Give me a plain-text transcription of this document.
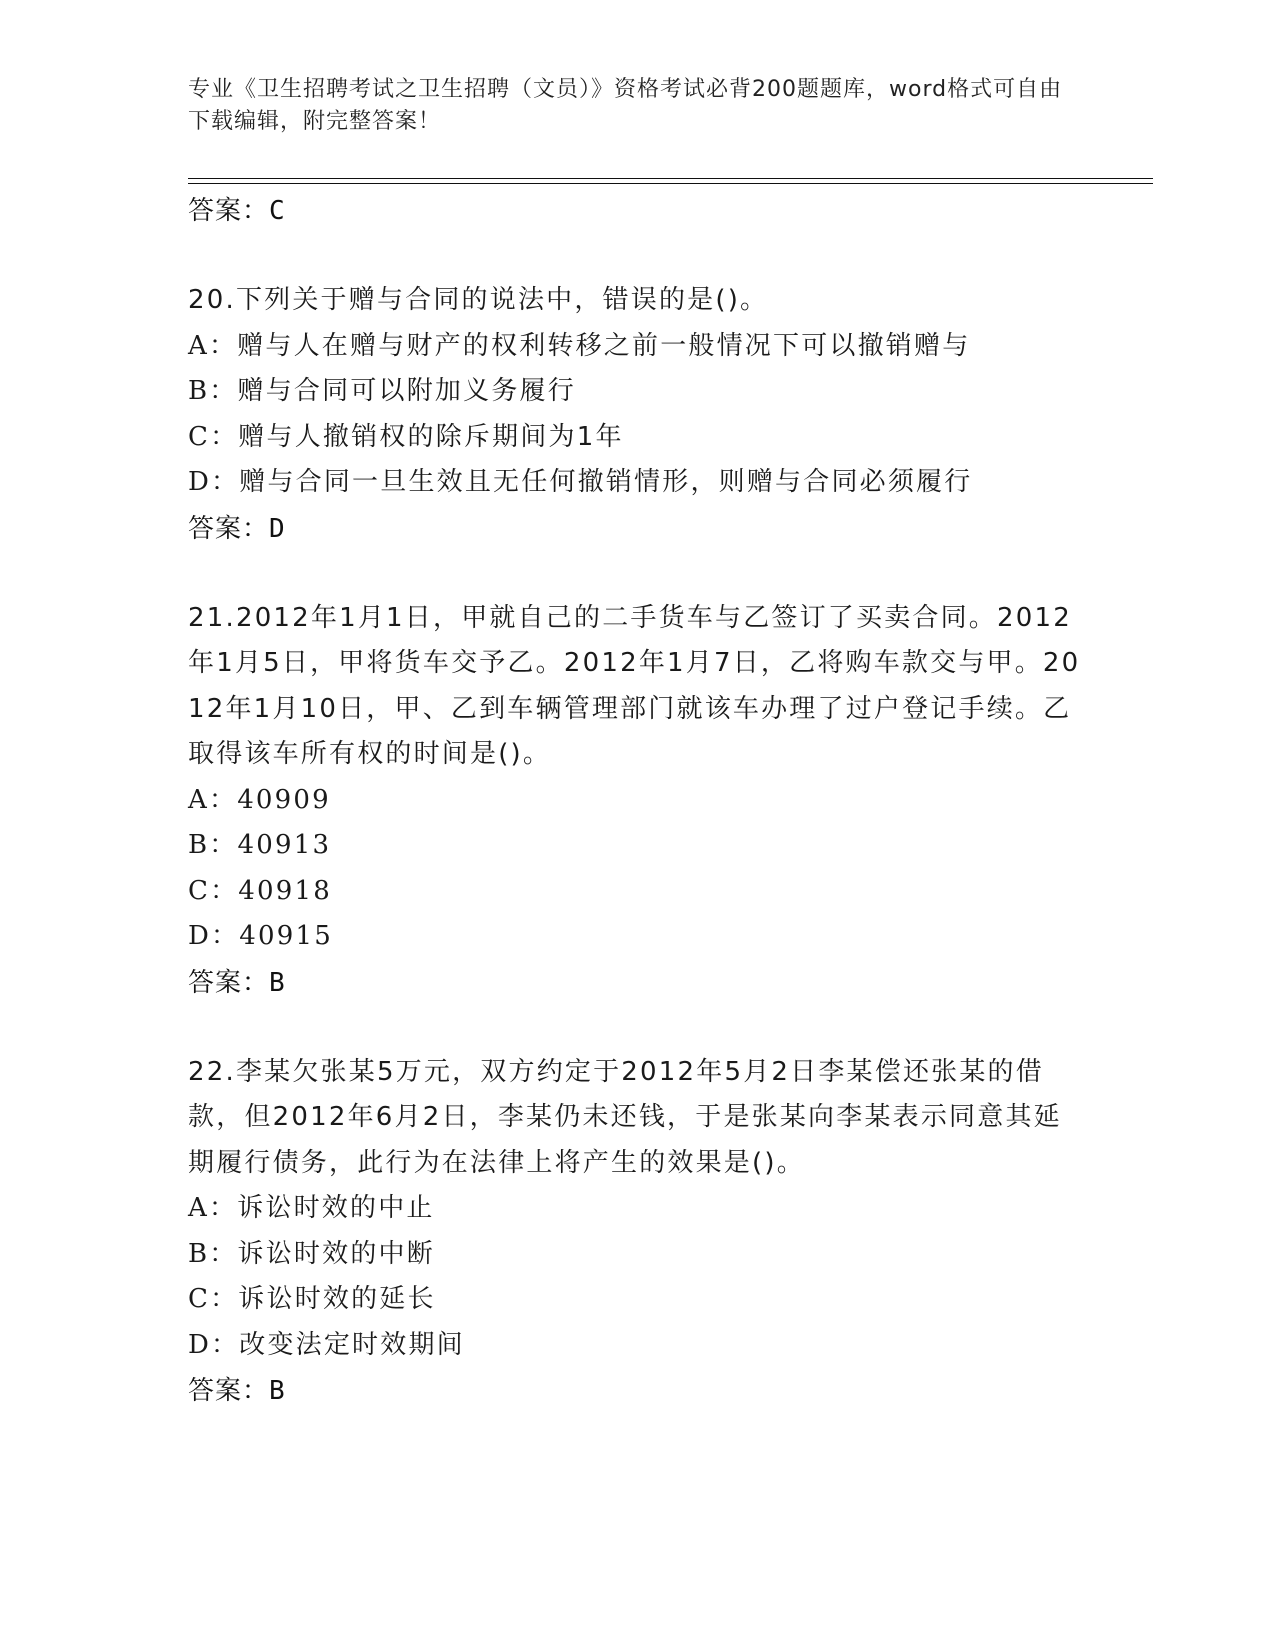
专业《卫生招聘考试之卫生招聘（文员）》资格考试必背200题题库，word格式可自由下载编辑，附完整答案！
答案：C
20.下列关于赠与合同的说法中，错误的是()。
A：赠与人在赠与财产的权利转移之前一般情况下可以撤销赠与
B：赠与合同可以附加义务履行
C：赠与人撤销权的除斥期间为1年
D：赠与合同一旦生效且无任何撤销情形，则赠与合同必须履行
答案：D
21.2012年1月1日，甲就自己的二手货车与乙签订了买卖合同。2012年1月5日，甲将货车交予乙。2012年1月7日，乙将购车款交与甲。2012年1月10日，甲、乙到车辆管理部门就该车办理了过户登记手续。乙取得该车所有权的时间是()。
A：40909
B：40913
C：40918
D：40915
答案：B
22.李某欠张某5万元，双方约定于2012年5月2日李某偿还张某的借款，但2012年6月2日，李某仍未还钱，于是张某向李某表示同意其延期履行债务，此行为在法律上将产生的效果是()。
A：诉讼时效的中止
B：诉讼时效的中断
C：诉讼时效的延长
D：改变法定时效期间
答案：B
